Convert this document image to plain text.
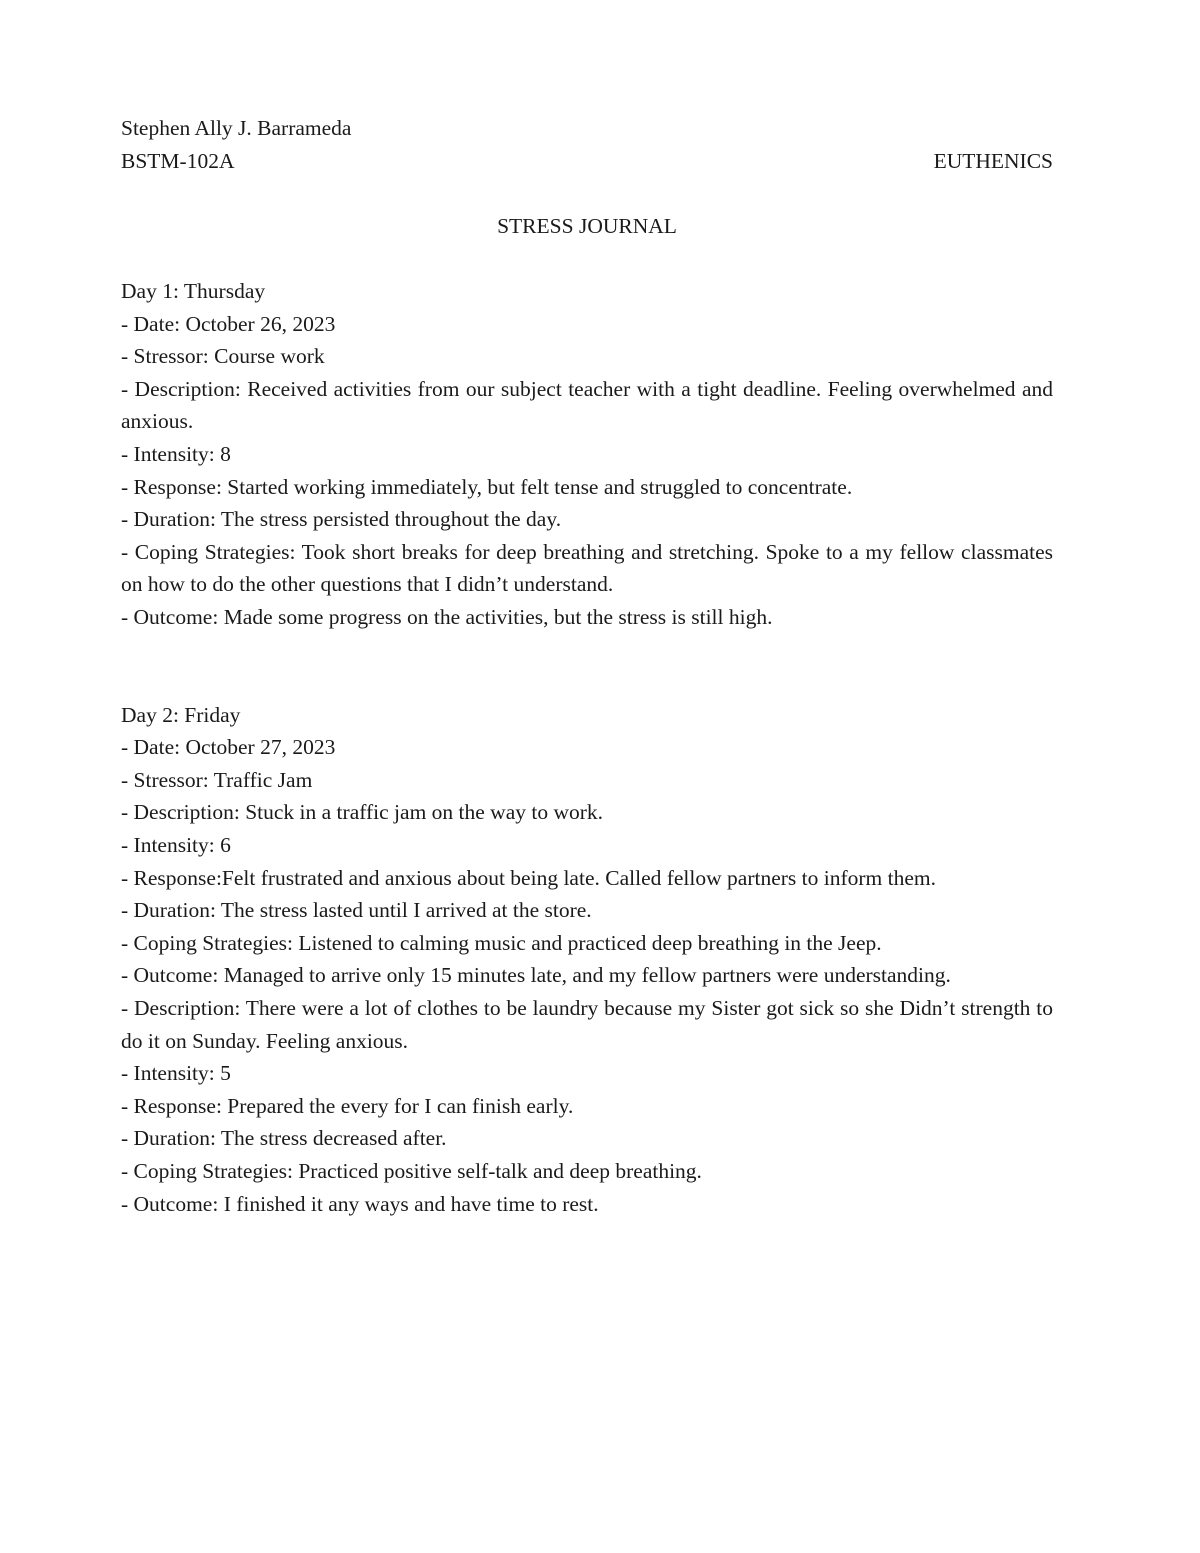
Stephen Ally J. Barrameda
BSTM-102A	EUTHENICS
STRESS JOURNAL
Day 1: Thursday
- Date: October 26, 2023
- Stressor: Course work
- Description: Received activities from our subject teacher with a tight deadline. Feeling overwhelmed and anxious.
- Intensity: 8
- Response: Started working immediately, but felt tense and struggled to concentrate.
- Duration: The stress persisted throughout the day.
- Coping Strategies: Took short breaks for deep breathing and stretching. Spoke to a my fellow classmates on how to do the other questions that I didn’t understand.
- Outcome: Made some progress on the activities, but the stress is still high.
Day 2: Friday
- Date: October 27, 2023
- Stressor: Traffic Jam
- Description: Stuck in a traffic jam on the way to work.
- Intensity: 6
- Response:Felt frustrated and anxious about being late. Called fellow partners to inform them.
- Duration: The stress lasted until I arrived at the store.
- Coping Strategies: Listened to calming music and practiced deep breathing in the Jeep.
- Outcome: Managed to arrive only 15 minutes late, and my fellow partners were understanding.
- Description: There were a lot of clothes to be laundry because my Sister got sick so she Didn’t strength to do it on Sunday. Feeling anxious.
- Intensity: 5
- Response: Prepared the every for I can finish early.
- Duration: The stress decreased after.
- Coping Strategies: Practiced positive self-talk and deep breathing.
- Outcome: I finished it any ways and have time to rest.
